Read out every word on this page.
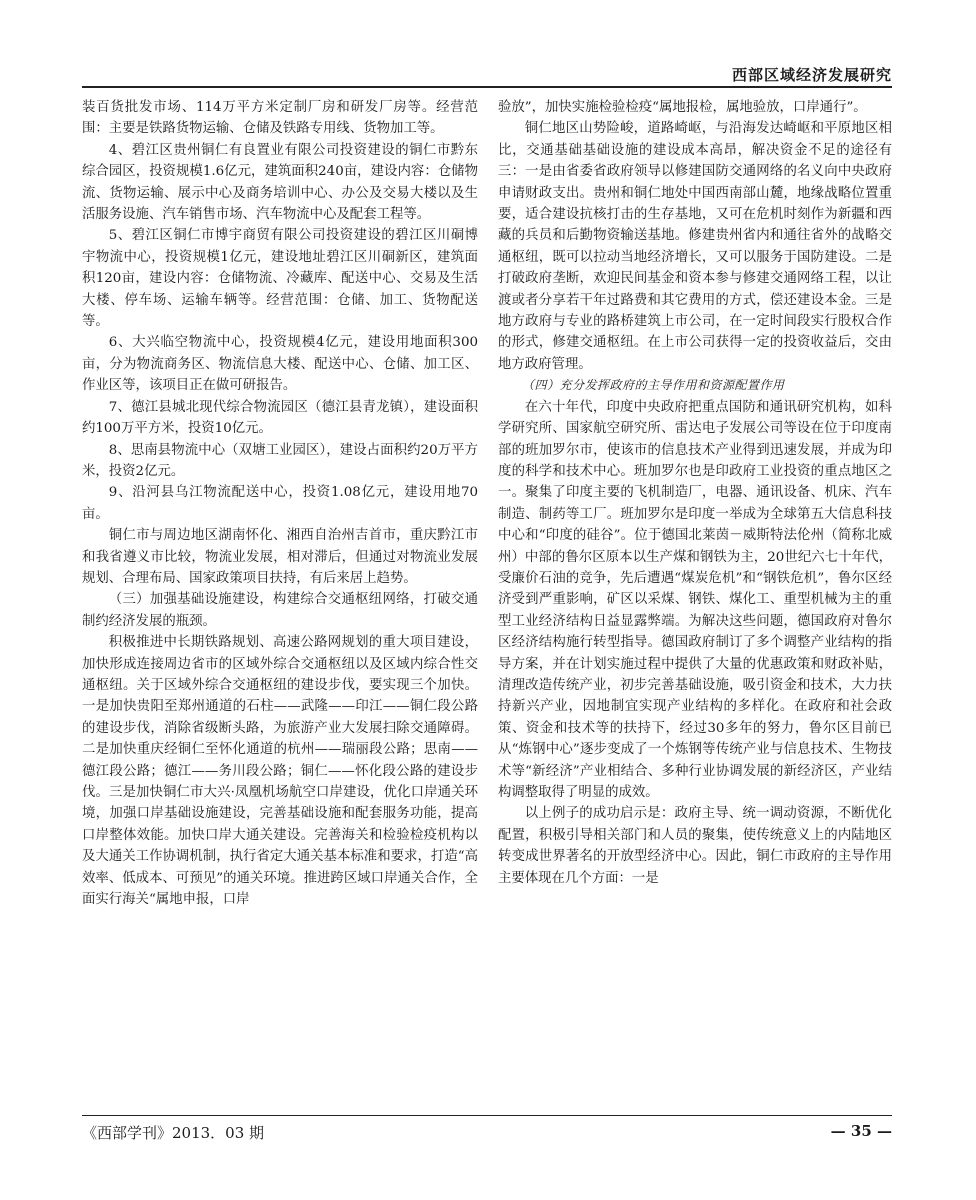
西部区域经济发展研究

装百货批发市场、114万平方米定制厂房和研发厂房等。经营范围：主要是铁路货物运输、仓储及铁路专用线、货物加工等。

4、碧江区贵州铜仁有良置业有限公司投资建设的铜仁市黔东综合园区，投资规模1.6亿元，建筑面积240亩，建设内容：仓储物流、货物运输、展示中心及商务培训中心、办公及交易大楼以及生活服务设施、汽车销售市场、汽车物流中心及配套工程等。

5、碧江区铜仁市博宇商贸有限公司投资建设的碧江区川硐博宇物流中心，投资规模1亿元，建设地址碧江区川硐新区，建筑面积120亩，建设内容：仓储物流、冷藏库、配送中心、交易及生活大楼、停车场、运输车辆等。经营范围：仓储、加工、货物配送等。

6、大兴临空物流中心，投资规模4亿元，建设用地面积300亩，分为物流商务区、物流信息大楼、配送中心、仓储、加工区、作业区等，该项目正在做可研报告。

7、德江县城北现代综合物流园区（德江县青龙镇），建设面积约100万平方米，投资10亿元。

8、思南县物流中心（双塘工业园区），建设占面积约20万平方米，投资2亿元。

9、沿河县乌江物流配送中心，投资1.08亿元，建设用地70亩。

铜仁市与周边地区湖南怀化、湘西自治州吉首市，重庆黔江市和我省遵义市比较，物流业发展，相对滞后，但通过对物流业发展规划、合理布局、国家政策项目扶持，有后来居上趋势。

（三）加强基础设施建设，构建综合交通枢纽网络，打破交通制约经济发展的瓶颈。

积极推进中长期铁路规划、高速公路网规划的重大项目建设，加快形成连接周边省市的区域外综合交通枢纽以及区域内综合性交通枢纽。关于区域外综合交通枢纽的建设步伐，要实现三个加快。一是加快贵阳至郑州通道的石柱——武隆——印江——铜仁段公路的建设步伐，消除省级断头路，为旅游产业大发展扫除交通障碍。二是加快重庆经铜仁至怀化通道的杭州——瑞丽段公路；思南——德江段公路；德江——务川段公路；铜仁——怀化段公路的建设步伐。三是加快铜仁市大兴·凤凰机场航空口岸建设，优化口岸通关环境，加强口岸基础设施建设，完善基础设施和配套服务功能，提高口岸整体效能。加快口岸大通关建设。完善海关和检验检疫机构以及大通关工作协调机制，执行省定大通关基本标准和要求，打造“高效率、低成本、可预见”的通关环境。推进跨区域口岸通关合作，全面实行海关“属地申报，口岸

验放”，加快实施检验检疫“属地报检，属地验放，口岸通行”。

铜仁地区山势险峻，道路崎岖，与沿海发达崎岖和平原地区相比，交通基础基础设施的建设成本高昂，解决资金不足的途径有三：一是由省委省政府领导以修建国防交通网络的名义向中央政府申请财政支出。贵州和铜仁地处中国西南部山麓，地缘战略位置重要，适合建设抗核打击的生存基地，又可在危机时刻作为新疆和西藏的兵员和后勤物资输送基地。修建贵州省内和通往省外的战略交通枢纽，既可以拉动当地经济增长，又可以服务于国防建设。二是打破政府垄断，欢迎民间基金和资本参与修建交通网络工程，以让渡或者分享若干年过路费和其它费用的方式，偿还建设本金。三是地方政府与专业的路桥建筑上市公司，在一定时间段实行股权合作的形式，修建交通枢纽。在上市公司获得一定的投资收益后，交由地方政府管理。

（四）充分发挥政府的主导作用和资源配置作用

在六十年代，印度中央政府把重点国防和通讯研究机构，如科学研究所、国家航空研究所、雷达电子发展公司等设在位于印度南部的班加罗尔市，使该市的信息技术产业得到迅速发展，并成为印度的科学和技术中心。班加罗尔也是印政府工业投资的重点地区之一。聚集了印度主要的飞机制造厂，电器、通讯设备、机床、汽车制造、制药等工厂。班加罗尔是印度一举成为全球第五大信息科技中心和“印度的硅谷”。位于德国北莱茵－威斯特法伦州（简称北威州）中部的鲁尔区原本以生产煤和钢铁为主，20世纪六七十年代，受廉价石油的竞争，先后遭遇“煤炭危机”和“钢铁危机”，鲁尔区经济受到严重影响，矿区以采煤、钢铁、煤化工、重型机械为主的重型工业经济结构日益显露弊端。为解决这些问题，德国政府对鲁尔区经济结构施行转型指导。德国政府制订了多个调整产业结构的指导方案，并在计划实施过程中提供了大量的优惠政策和财政补贴，清理改造传统产业，初步完善基础设施，吸引资金和技术，大力扶持新兴产业，因地制宜实现产业结构的多样化。在政府和社会政策、资金和技术等的扶持下，经过30多年的努力，鲁尔区目前已从“炼钢中心”逐步变成了一个炼钢等传统产业与信息技术、生物技术等“新经济”产业相结合、多种行业协调发展的新经济区，产业结构调整取得了明显的成效。

以上例子的成功启示是：政府主导、统一调动资源，不断优化配置，积极引导相关部门和人员的聚集，使传统意义上的内陆地区转变成世界著名的开放型经济中心。因此，铜仁市政府的主导作用主要体现在几个方面：一是

《西部学刊》2013．03 期	— 35 —
